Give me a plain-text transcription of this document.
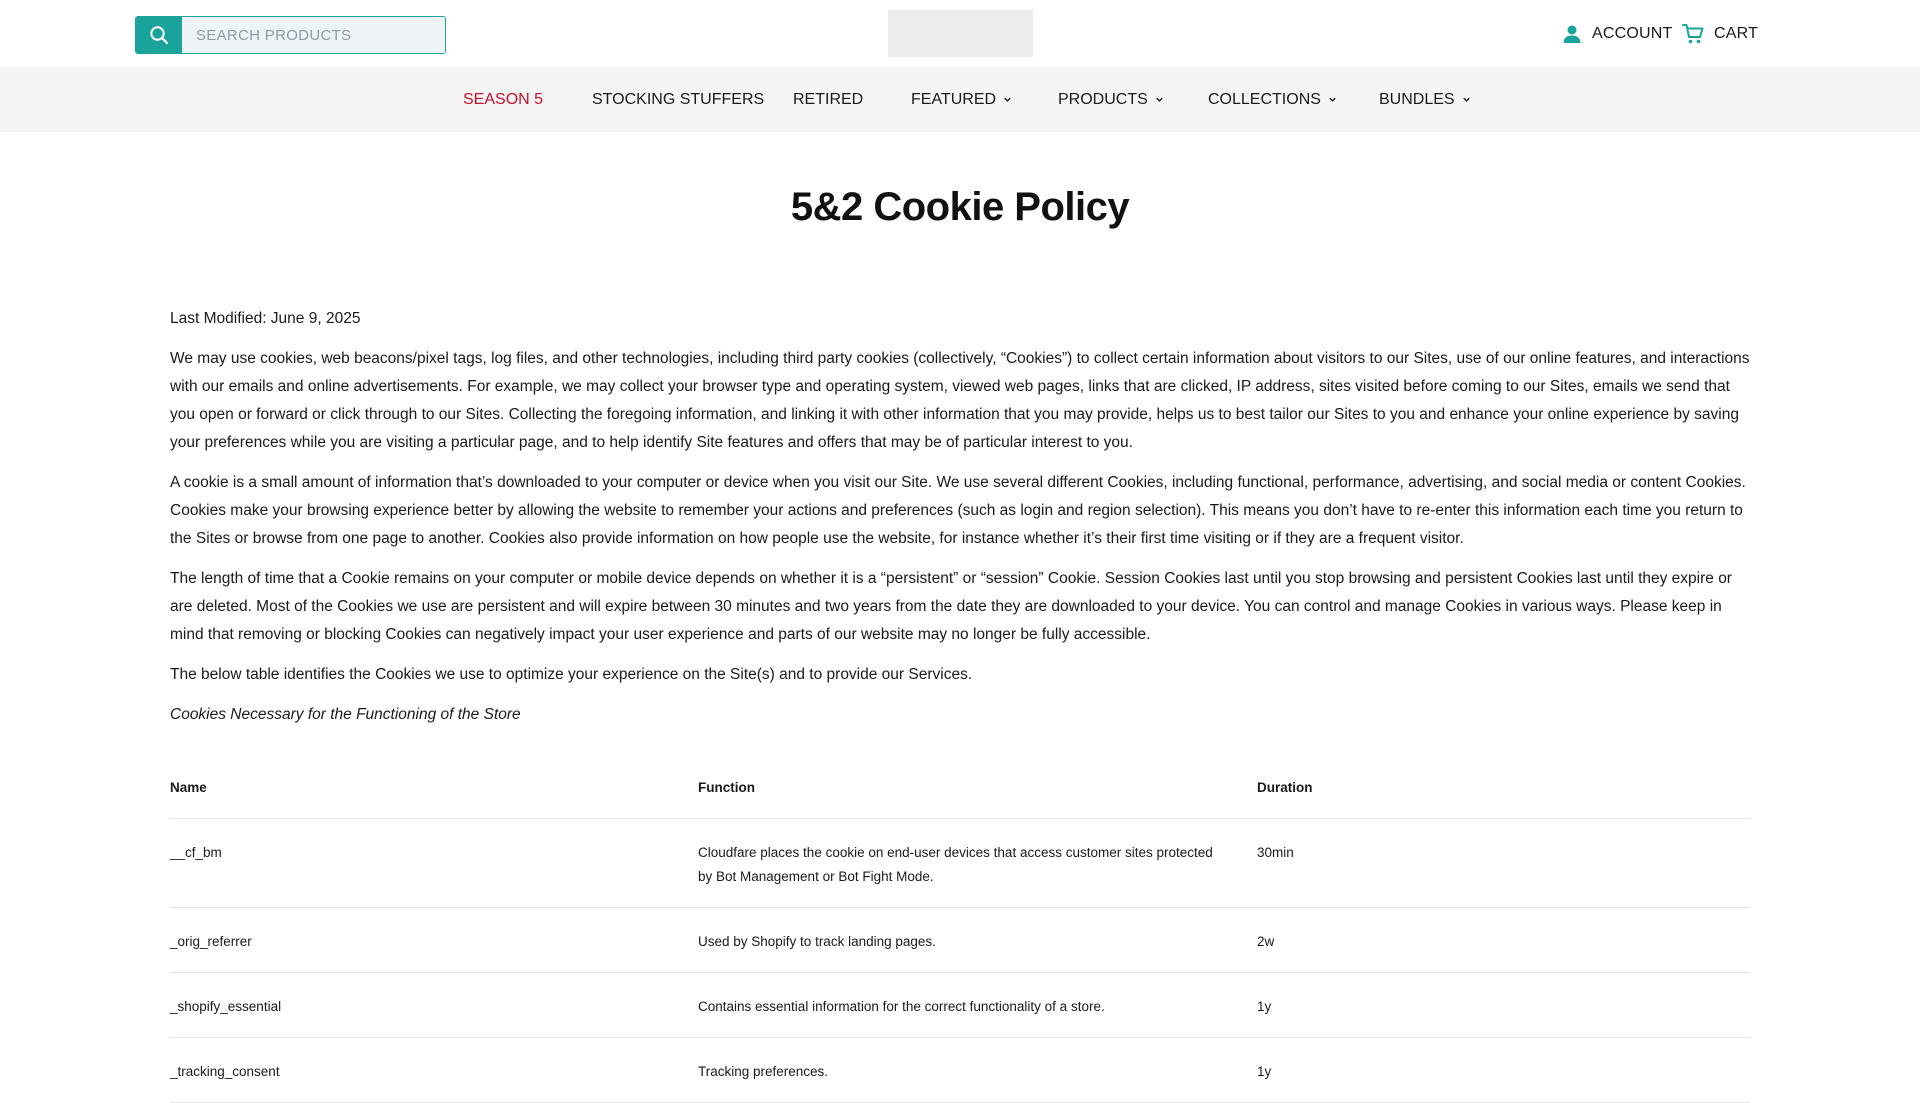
SEARCH PRODUCTS
ACCOUNT	CART
SEASON 5	STOCKING STUFFERS RETIRED	FEATURED	PRODUCTS	COLLECTIONS	BUNDLES
5&2 Cookie Policy

Last Modified: June 9, 2025

We may use cookies, web beacons/pixel tags, log files, and other technologies, including third party cookies (collectively, “Cookies”) to collect certain information about visitors to our Sites, use of our online features, and interactions with our emails and online advertisements. For example, we may collect your browser type and operating system, viewed web pages, links that are clicked, IP address, sites visited before coming to our Sites, emails we send that you open or forward or click through to our Sites. Collecting the foregoing information, and linking it with other information that you may provide, helps us to best tailor our Sites to you and enhance your online experience by saving your preferences while you are visiting a particular page, and to help identify Site features and offers that may be of particular interest to you.

A cookie is a small amount of information that’s downloaded to your computer or device when you visit our Site. We use several different Cookies, including functional, performance, advertising, and social media or content Cookies. Cookies make your browsing experience better by allowing the website to remember your actions and preferences (such as login and region selection). This means you don’t have to re-enter this information each time you return to the Sites or browse from one page to another. Cookies also provide information on how people use the website, for instance whether it’s their first time visiting or if they are a frequent visitor.

The length of time that a Cookie remains on your computer or mobile device depends on whether it is a “persistent” or “session” Cookie. Session Cookies last until you stop browsing and persistent Cookies last until they expire or are deleted. Most of the Cookies we use are persistent and will expire between 30 minutes and two years from the date they are downloaded to your device. You can control and manage Cookies in various ways. Please keep in mind that removing or blocking Cookies can negatively impact your user experience and parts of our website may no longer be fully accessible.

The below table identifies the Cookies we use to optimize your experience on the Site(s) and to provide our Services.

Cookies Necessary for the Functioning of the Store

Name	Function	Duration
__cf_bm	Cloudfare places the cookie on end-user devices that access customer sites protected by Bot Management or Bot Fight Mode.	30min
_orig_referrer	Used by Shopify to track landing pages.	2w
_shopify_essential	Contains essential information for the correct functionality of a store.	1y
_tracking_consent	Tracking preferences.	1y
